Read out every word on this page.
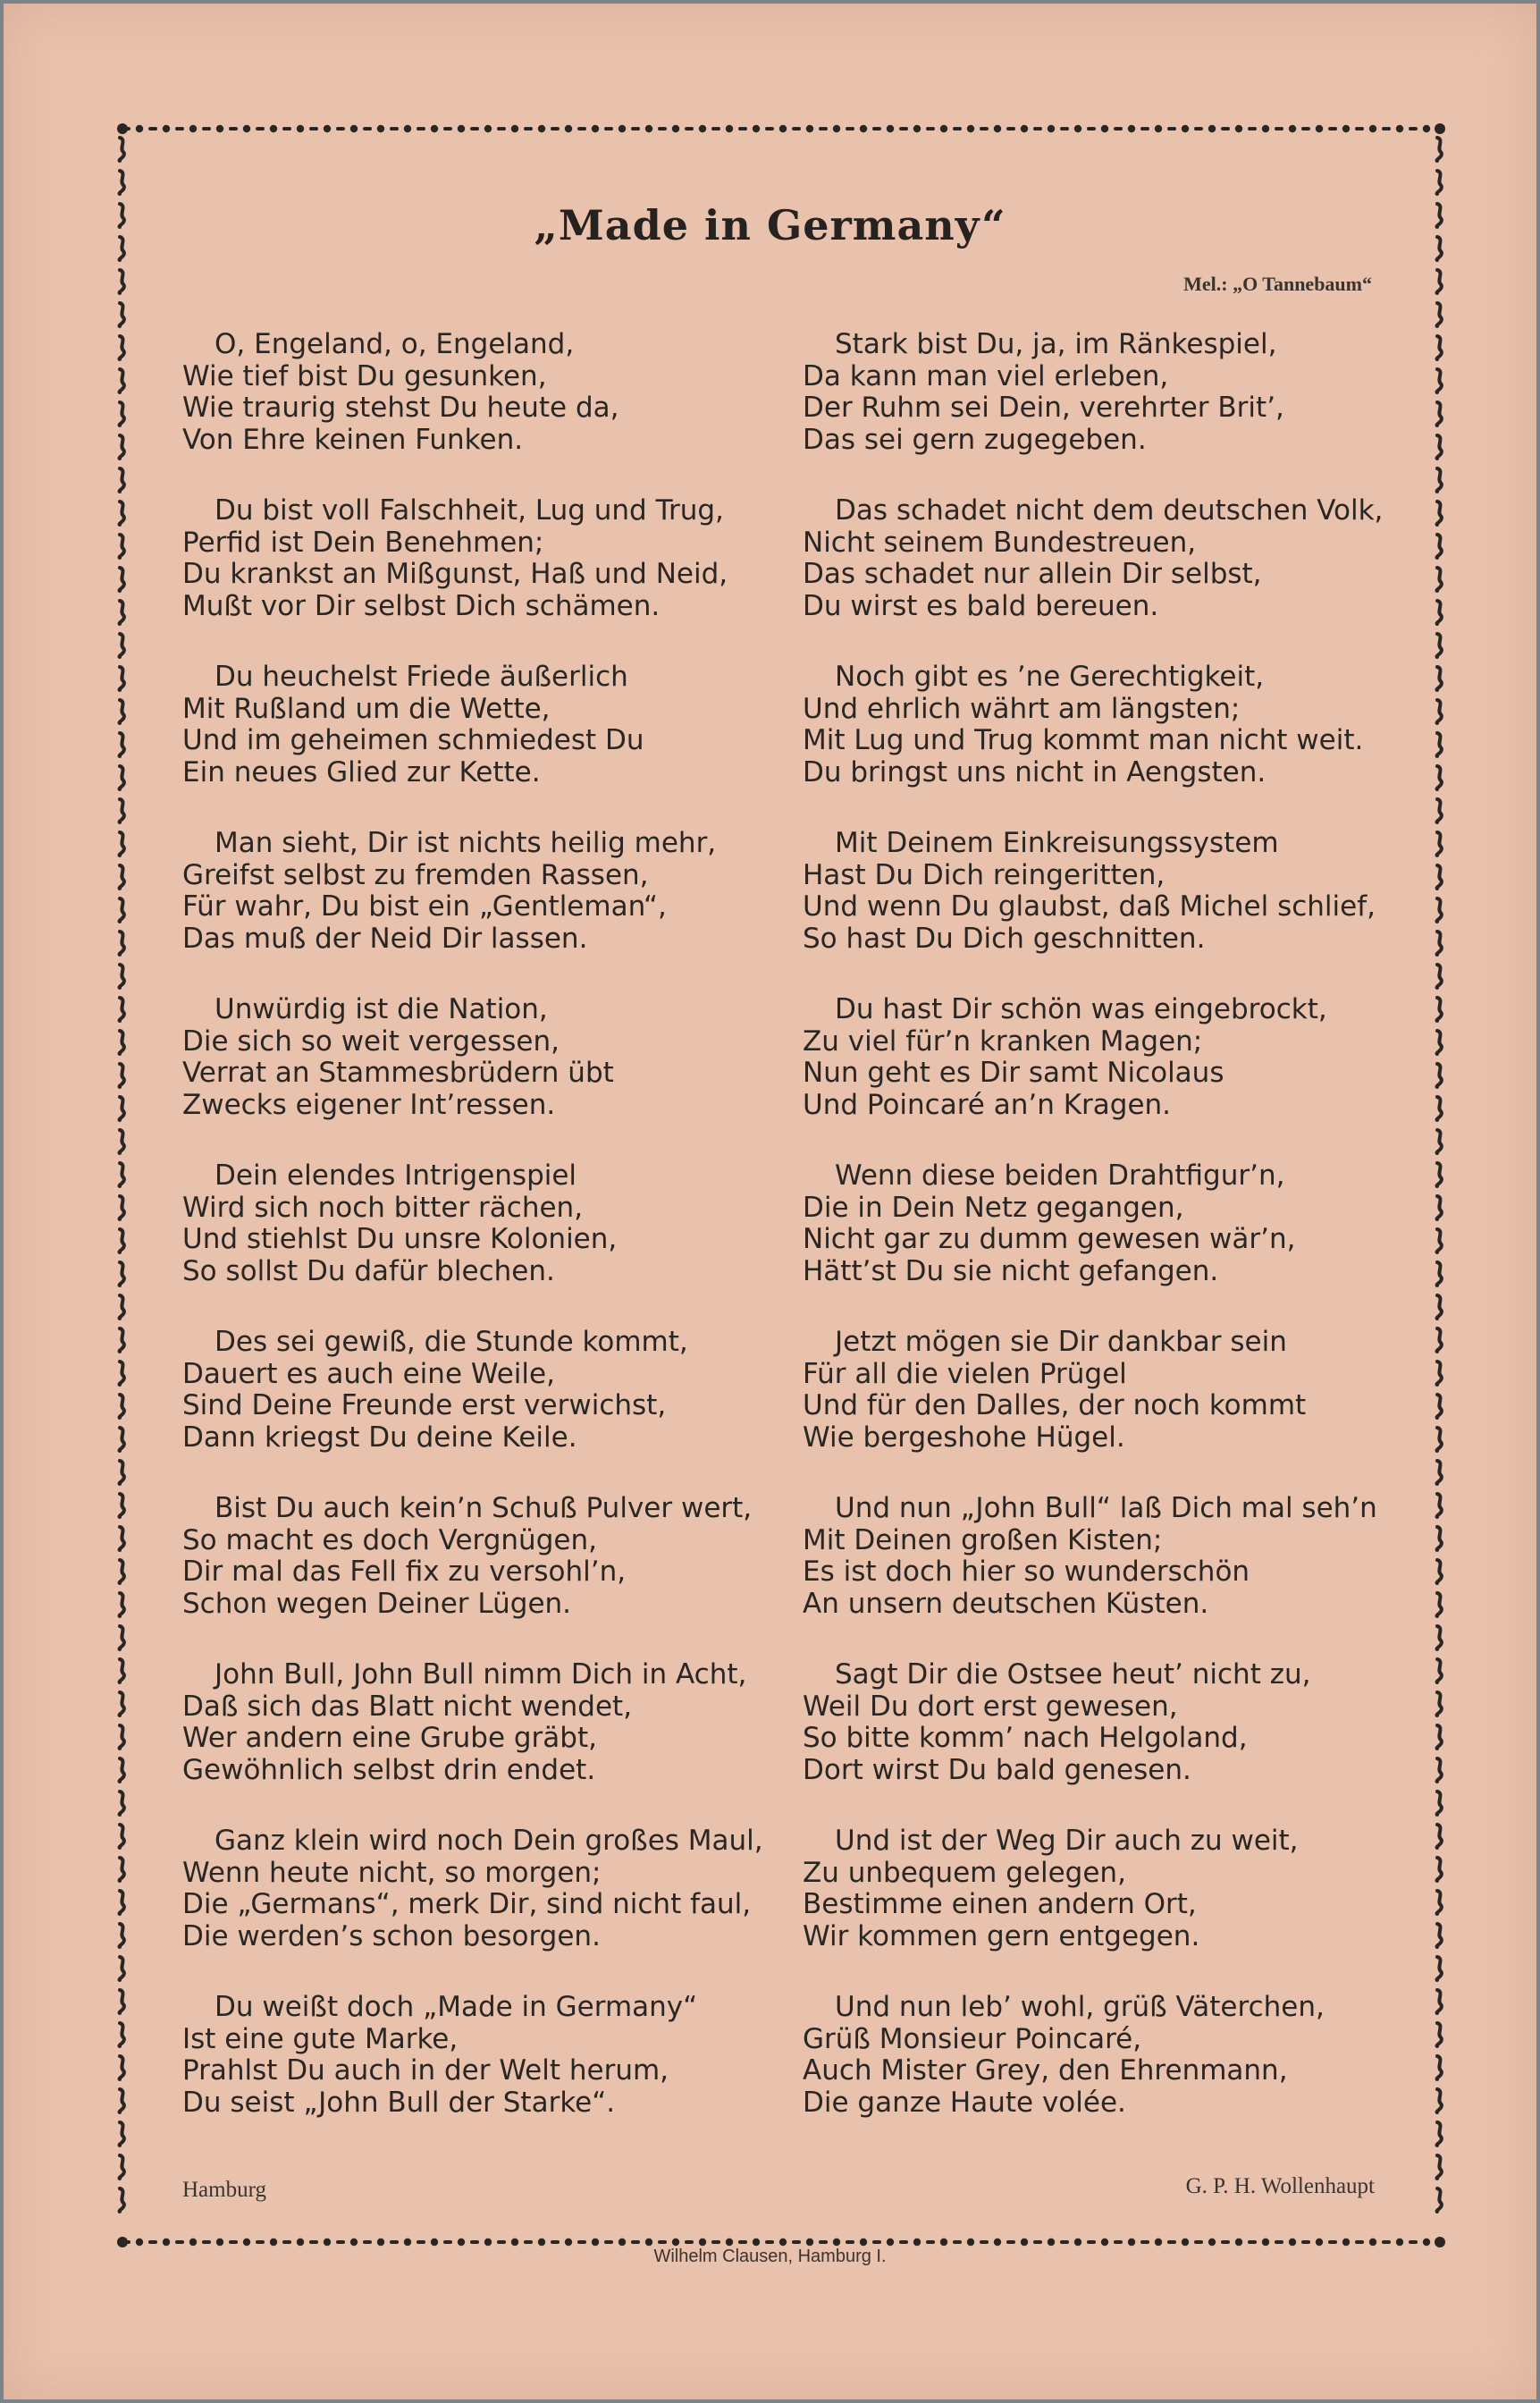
„Made in Germany“
Mel.: „O Tannebaum“
O, Engeland, o, Engeland,
Wie tief bist Du gesunken,
Wie traurig stehst Du heute da,
Von Ehre keinen Funken.
Du bist voll Falschheit, Lug und Trug,
Perfid ist Dein Benehmen;
Du krankst an Mißgunst, Haß und Neid,
Mußt vor Dir selbst Dich schämen.
Du heuchelst Friede äußerlich
Mit Rußland um die Wette,
Und im geheimen schmiedest Du
Ein neues Glied zur Kette.
Man sieht, Dir ist nichts heilig mehr,
Greifst selbst zu fremden Rassen,
Für wahr, Du bist ein „Gentleman“,
Das muß der Neid Dir lassen.
Unwürdig ist die Nation,
Die sich so weit vergessen,
Verrat an Stammesbrüdern übt
Zwecks eigener Int’ressen.
Dein elendes Intrigenspiel
Wird sich noch bitter rächen,
Und stiehlst Du unsre Kolonien,
So sollst Du dafür blechen.
Des sei gewiß, die Stunde kommt,
Dauert es auch eine Weile,
Sind Deine Freunde erst verwichst,
Dann kriegst Du deine Keile.
Bist Du auch kein’n Schuß Pulver wert,
So macht es doch Vergnügen,
Dir mal das Fell fix zu versohl’n,
Schon wegen Deiner Lügen.
John Bull, John Bull nimm Dich in Acht,
Daß sich das Blatt nicht wendet,
Wer andern eine Grube gräbt,
Gewöhnlich selbst drin endet.
Ganz klein wird noch Dein großes Maul,
Wenn heute nicht, so morgen;
Die „Germans“, merk Dir, sind nicht faul,
Die werden’s schon besorgen.
Du weißt doch „Made in Germany“
Ist eine gute Marke,
Prahlst Du auch in der Welt herum,
Du seist „John Bull der Starke“.
Stark bist Du, ja, im Ränkespiel,
Da kann man viel erleben,
Der Ruhm sei Dein, verehrter Brit’,
Das sei gern zugegeben.
Das schadet nicht dem deutschen Volk,
Nicht seinem Bundestreuen,
Das schadet nur allein Dir selbst,
Du wirst es bald bereuen.
Noch gibt es ’ne Gerechtigkeit,
Und ehrlich währt am längsten;
Mit Lug und Trug kommt man nicht weit.
Du bringst uns nicht in Aengsten.
Mit Deinem Einkreisungssystem
Hast Du Dich reingeritten,
Und wenn Du glaubst, daß Michel schlief,
So hast Du Dich geschnitten.
Du hast Dir schön was eingebrockt,
Zu viel für’n kranken Magen;
Nun geht es Dir samt Nicolaus
Und Poincaré an’n Kragen.
Wenn diese beiden Drahtfigur’n,
Die in Dein Netz gegangen,
Nicht gar zu dumm gewesen wär’n,
Hätt’st Du sie nicht gefangen.
Jetzt mögen sie Dir dankbar sein
Für all die vielen Prügel
Und für den Dalles, der noch kommt
Wie bergeshohe Hügel.
Und nun „John Bull“ laß Dich mal seh’n
Mit Deinen großen Kisten;
Es ist doch hier so wunderschön
An unsern deutschen Küsten.
Sagt Dir die Ostsee heut’ nicht zu,
Weil Du dort erst gewesen,
So bitte komm’ nach Helgoland,
Dort wirst Du bald genesen.
Und ist der Weg Dir auch zu weit,
Zu unbequem gelegen,
Bestimme einen andern Ort,
Wir kommen gern entgegen.
Und nun leb’ wohl, grüß Väterchen,
Grüß Monsieur Poincaré,
Auch Mister Grey, den Ehrenmann,
Die ganze Haute volée.
Hamburg	G. P. H. Wollenhaupt
Wilhelm Clausen, Hamburg I.
